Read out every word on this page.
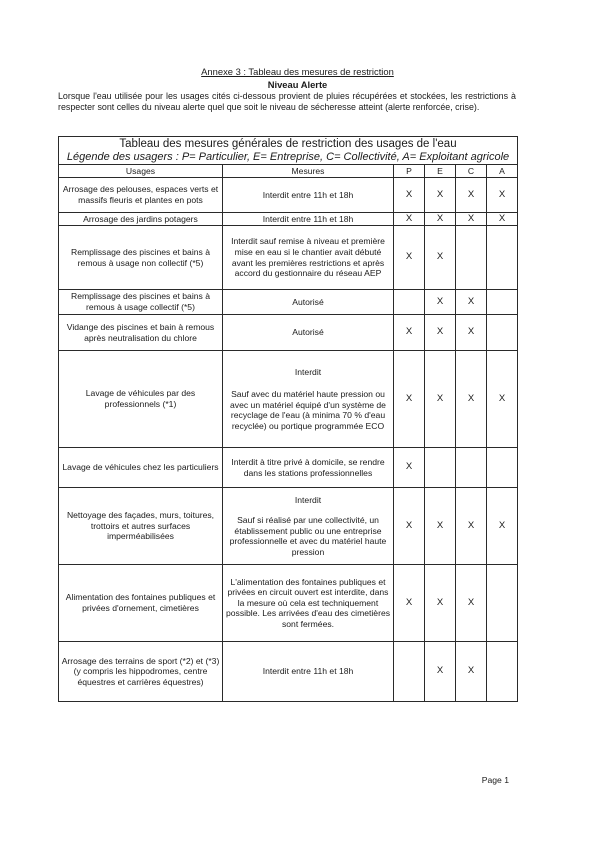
Annexe 3 : Tableau des mesures de restriction
Niveau Alerte
Lorsque l'eau utilisée pour les usages cités ci-dessous provient de pluies récupérées et stockées, les restrictions à respecter sont celles du niveau alerte quel que soit le niveau de sécheresse atteint (alerte renforcée, crise).
Tableau des mesures générales de restriction des usages de l'eau					
Légende des usagers : P= Particulier, E= Entreprise, C= Collectivité, A= Exploitant agricole					
Usages	Mesures	P	E	C	A
Arrosage des pelouses, espaces verts et massifs fleuris et plantes en pots	Interdit entre 11h et 18h	X	X	X	X
Arrosage des jardins potagers	Interdit entre 11h et 18h	X	X	X	X
Remplissage des piscines et bains à remous à usage non collectif (*5)	Interdit sauf remise à niveau et première mise en eau si le chantier avait débuté avant les premières restrictions et après accord du gestionnaire du réseau AEP	X	X		
Remplissage des piscines et bains à remous à usage collectif (*5)	Autorisé		X	X	
Vidange des piscines et bain à remous après neutralisation du chlore	Autorisé	X	X	X	
Lavage de véhicules par des professionnels (*1)	Interdit
Sauf avec du matériel haute pression ou avec un matériel équipé d'un système de recyclage de l'eau (à minima 70 % d'eau recyclée) ou portique programmée ECO	X	X	X	X
Lavage de véhicules chez les particuliers	Interdit à titre privé à domicile, se rendre dans les stations professionnelles	X			
Nettoyage des façades, murs, toitures, trottoirs et autres surfaces imperméabilisées	Interdit
Sauf si réalisé par une collectivité, un établissement public ou une entreprise professionnelle et avec du matériel haute pression	X	X	X	X
Alimentation des fontaines publiques et privées d'ornement, cimetières	L'alimentation des fontaines publiques et privées en circuit ouvert est interdite, dans la mesure où cela est techniquement possible. Les arrivées d'eau des cimetières sont fermées.	X	X	X	
Arrosage des terrains de sport (*2) et (*3) (y compris les hippodromes, centre équestres et carrières équestres)	Interdit entre 11h et 18h		X	X	
Page 1
